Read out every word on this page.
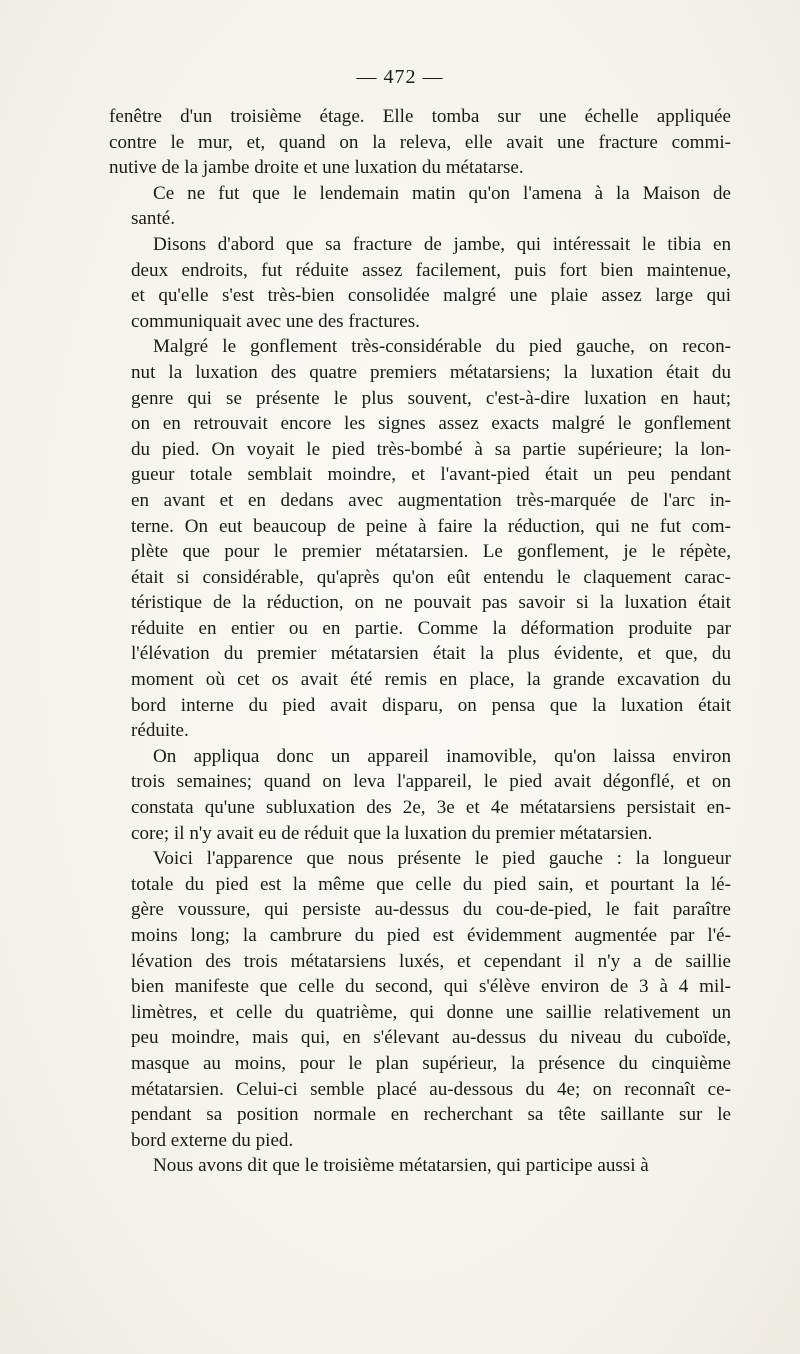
— 472 —
fenêtre d'un troisième étage. Elle tomba sur une échelle appliquée
contre le mur, et, quand on la releva, elle avait une fracture commi-
nutive de la jambe droite et une luxation du métatarse.
Ce ne fut que le lendemain matin qu'on l'amena à la Maison de
santé.
Disons d'abord que sa fracture de jambe, qui intéressait le tibia en
deux endroits, fut réduite assez facilement, puis fort bien maintenue,
et qu'elle s'est très-bien consolidée malgré une plaie assez large qui
communiquait avec une des fractures.
Malgré le gonflement très-considérable du pied gauche, on recon-
nut la luxation des quatre premiers métatarsiens; la luxation était du
genre qui se présente le plus souvent, c'est-à-dire luxation en haut;
on en retrouvait encore les signes assez exacts malgré le gonflement
du pied. On voyait le pied très-bombé à sa partie supérieure; la lon-
gueur totale semblait moindre, et l'avant-pied était un peu pendant
en avant et en dedans avec augmentation très-marquée de l'arc in-
terne. On eut beaucoup de peine à faire la réduction, qui ne fut com-
plète que pour le premier métatarsien. Le gonflement, je le répète,
était si considérable, qu'après qu'on eût entendu le claquement carac-
téristique de la réduction, on ne pouvait pas savoir si la luxation était
réduite en entier ou en partie. Comme la déformation produite par
l'élévation du premier métatarsien était la plus évidente, et que, du
moment où cet os avait été remis en place, la grande excavation du
bord interne du pied avait disparu, on pensa que la luxation était
réduite.
On appliqua donc un appareil inamovible, qu'on laissa environ
trois semaines; quand on leva l'appareil, le pied avait dégonflé, et on
constata qu'une subluxation des 2e, 3e et 4e métatarsiens persistait en-
core; il n'y avait eu de réduit que la luxation du premier métatarsien.
Voici l'apparence que nous présente le pied gauche : la longueur
totale du pied est la même que celle du pied sain, et pourtant la lé-
gère voussure, qui persiste au-dessus du cou-de-pied, le fait paraître
moins long; la cambrure du pied est évidemment augmentée par l'é-
lévation des trois métatarsiens luxés, et cependant il n'y a de saillie
bien manifeste que celle du second, qui s'élève environ de 3 à 4 mil-
limètres, et celle du quatrième, qui donne une saillie relativement un
peu moindre, mais qui, en s'élevant au-dessus du niveau du cuboïde,
masque au moins, pour le plan supérieur, la présence du cinquième
métatarsien. Celui-ci semble placé au-dessous du 4e; on reconnaît ce-
pendant sa position normale en recherchant sa tête saillante sur le
bord externe du pied.
Nous avons dit que le troisième métatarsien, qui participe aussi à
